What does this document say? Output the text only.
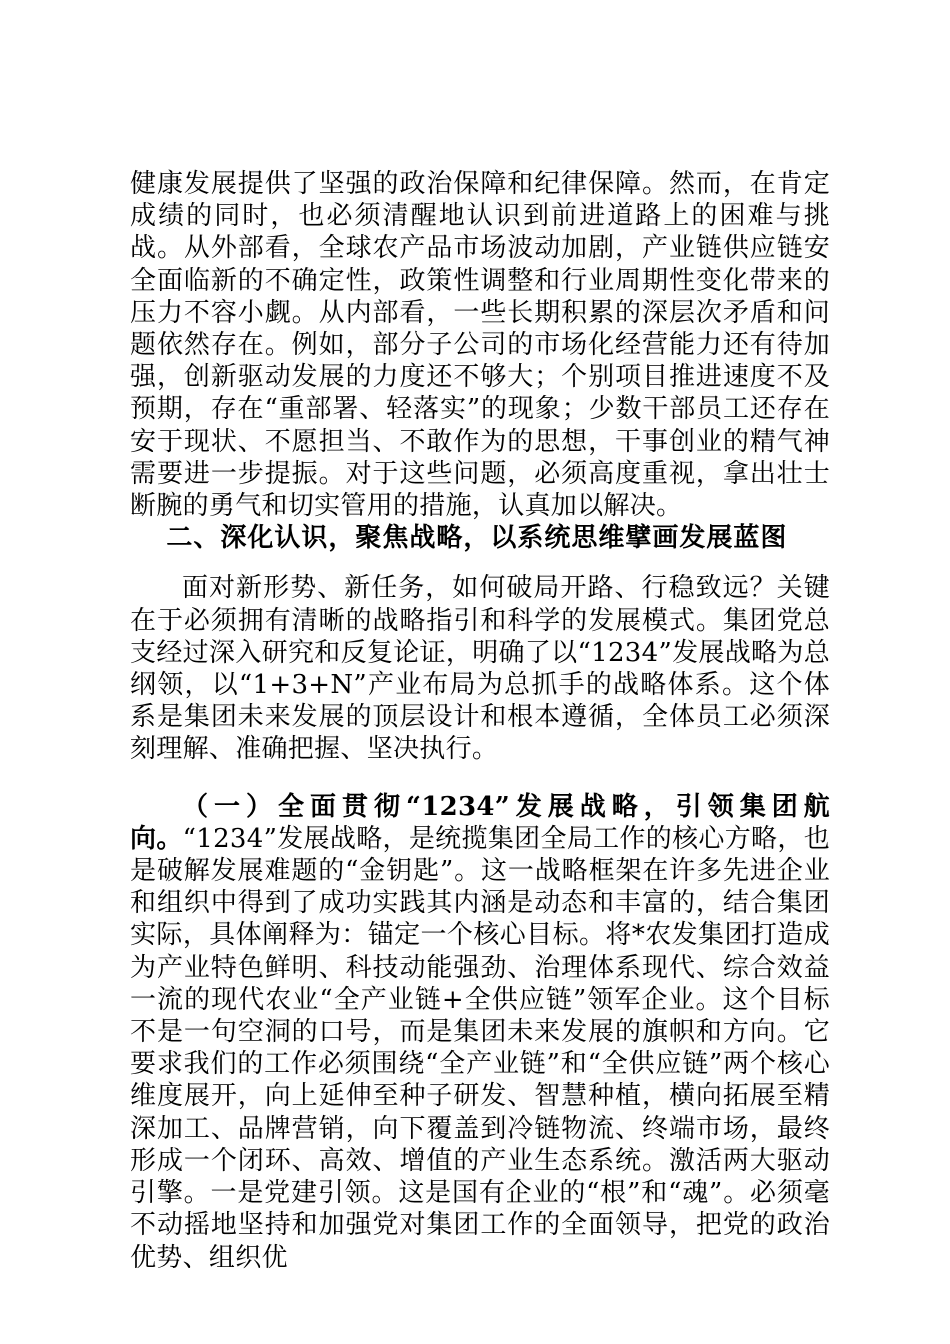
健康发展提供了坚强的政治保障和纪律保障。然而，在肯定成绩的同时，也必须清醒地认识到前进道路上的困难与挑战。从外部看，全球农产品市场波动加剧，产业链供应链安全面临新的不确定性，政策性调整和行业周期性变化带来的压力不容小觑。从内部看，一些长期积累的深层次矛盾和问题依然存在。例如，部分子公司的市场化经营能力还有待加强，创新驱动发展的力度还不够大；个别项目推进速度不及预期，存在“重部署、轻落实”的现象；少数干部员工还存在安于现状、不愿担当、不敢作为的思想，干事创业的精气神需要进一步提振。对于这些问题，必须高度重视，拿出壮士断腕的勇气和切实管用的措施，认真加以解决。

二、深化认识，聚焦战略，以系统思维擘画发展蓝图

面对新形势、新任务，如何破局开路、行稳致远？关键在于必须拥有清晰的战略指引和科学的发展模式。集团党总支经过深入研究和反复论证，明确了以“1234”发展战略为总纲领，以“1+3+N”产业布局为总抓手的战略体系。这个体系是集团未来发展的顶层设计和根本遵循，全体员工必须深刻理解、准确把握、坚决执行。

（一）全面贯彻“1234”发展战略，引领集团航向。“1234”发展战略，是统揽集团全局工作的核心方略，也是破解发展难题的“金钥匙”。这一战略框架在许多先进企业和组织中得到了成功实践其内涵是动态和丰富的，结合集团实际，具体阐释为：锚定一个核心目标。将*农发集团打造成为产业特色鲜明、科技动能强劲、治理体系现代、综合效益一流的现代农业“全产业链+全供应链”领军企业。这个目标不是一句空洞的口号，而是集团未来发展的旗帜和方向。它要求我们的工作必须围绕“全产业链”和“全供应链”两个核心维度展开，向上延伸至种子研发、智慧种植，横向拓展至精深加工、品牌营销，向下覆盖到冷链物流、终端市场，最终形成一个闭环、高效、增值的产业生态系统。激活两大驱动引擎。一是党建引领。这是国有企业的“根”和“魂”。必须毫不动摇地坚持和加强党对集团工作的全面领导，把党的政治优势、组织优
